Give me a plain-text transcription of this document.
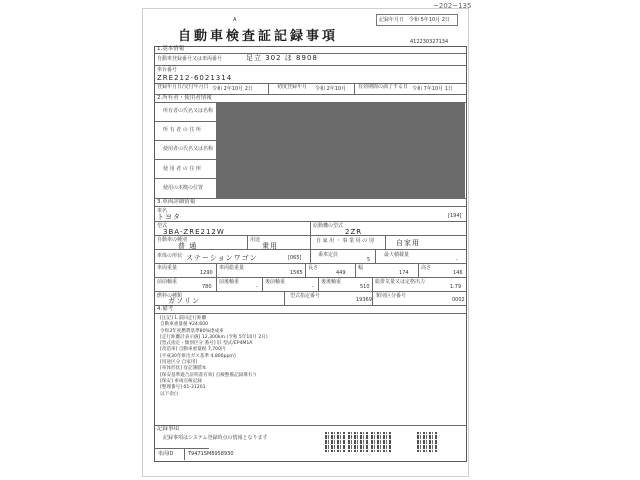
自動車検査証記録事項
A	記録年月日 令和 5年10月 2日
~202~135
412230327134
1.基本情報
自動車登録番号又は車両番号	足立 302 ほ 8908
車台番号
ZRE212-6021314
登録年月日/交付年月日 令和 2年10月 2日	初度登録年月 令和 2年10月 有効期間の満了する日 令和 7年10月 1日
2.所有者・使用者情報
所有者の氏名又は名称
所 有 者 の 住 所
使用者の氏名又は名称
使 用 者 の 住 所
使用の本拠の位置
3.車両詳細情報
車名
トヨタ	[194]
型式
3BA-ZRE212W
原動機の型式
2ZR
自動車の種別
普 通
用途
乗用
自 家 用 ・ 事 業 用 の 別	自家用
車体の形状 ステーションワゴン	[065]	乗車定員
5
最大積載量
-
車両重量
1290
車両総重量
1565
長さ
449
幅
174
高さ
146
前前軸重
780
前後軸重
-
後前軸重
-
後後軸重
510
総排気量又は定格出力
1.79
燃料の種類
ガソリン
型式指定番号
19369
類別区分番号
0002
4.備考
[注記] 1.前回走行距離
自動車重量税 ¥24,600
令和3年度燃費基準80%達成車
[走行距離計表示値] 12,300km (令和 5年10月 2日)
[型式指定・類別区分 番号] 旧 型式/EP4M1A
[改造車] 自動車重量税 7,700円
[平成30年排出ガス基準 4,800ppm]
[用途区分 自家用]
[車体形状] 登記簿謄本
[保安基準適合証明書有効] 点検整備記録簿有り
[保安] 車両点検記録
[整理番号] 61-31201
以下余白
記録事項
記録事項はシステム登録時点の情報となります
車両ID	T9471SM8958930
